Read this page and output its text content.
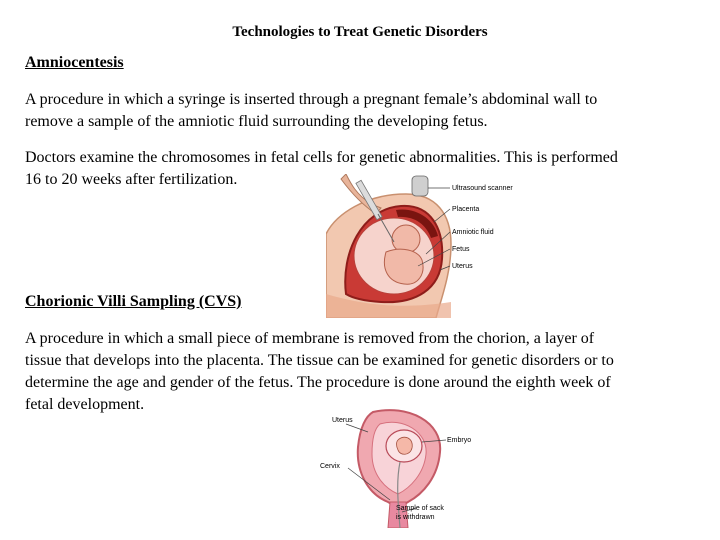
Technologies to Treat Genetic Disorders
Amniocentesis
A procedure in which a syringe is inserted through a pregnant female’s abdominal wall to
remove a sample of the amniotic fluid surrounding the developing fetus.
Doctors examine the chromosomes in fetal cells for genetic abnormalities. This is performed
16 to 20 weeks after fertilization.
Ultrasound scanner
Placenta
Amniotic fluid
Fetus
Uterus
Chorionic Villi Sampling (CVS)
A procedure in which a small piece of membrane is removed from the chorion, a layer of
tissue that develops into the placenta. The tissue can be examined for genetic disorders or to
determine the age and gender of the fetus. The procedure is done around the eighth week of
fetal development.
Uterus
Embryo
Cervix
Sample of sack
is withdrawn
